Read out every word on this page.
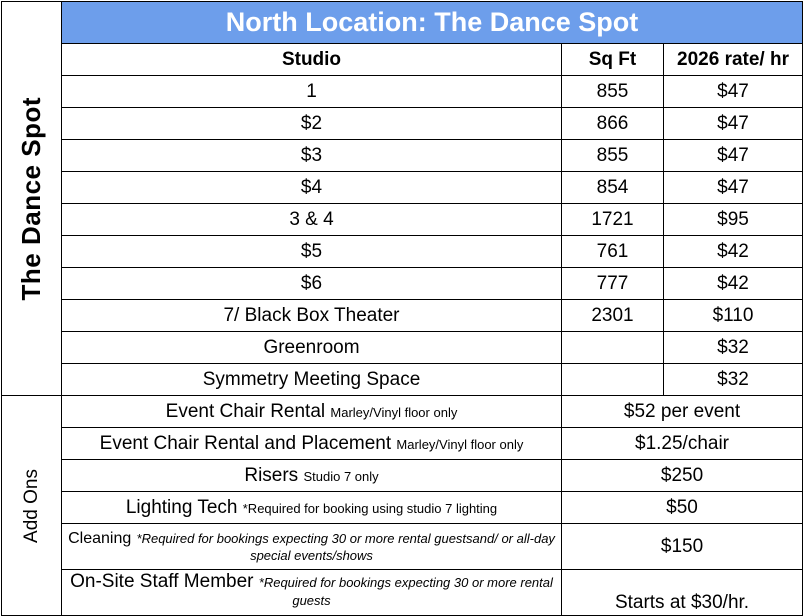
The Dance Spot	North Location: The Dance Spot		
	Studio	Sq Ft	2026 rate/ hr
	1	855	$47
	$2	866	$47
	$3	855	$47
	$4	854	$47
	3 & 4	1721	$95
	$5	761	$42
	$6	777	$42
	7/ Black Box Theater	2301	$110
	Greenroom		$32
	Symmetry Meeting Space		$32

Add Ons	Event Chair Rental Marley/Vinyl floor only	$52 per event	
	Event Chair Rental and Placement Marley/Vinyl floor only	$1.25/chair	
	Risers Studio 7 only	$250	
	Lighting Tech *Required for booking using studio 7 lighting	$50	

	Cleaning *Required for bookings expecting 30 or more rental guestsand/ or all-day special events/shows	$150	

	On-Site Staff Member *Required for bookings expecting 30 or more rental guests	Starts at $30/hr.	
